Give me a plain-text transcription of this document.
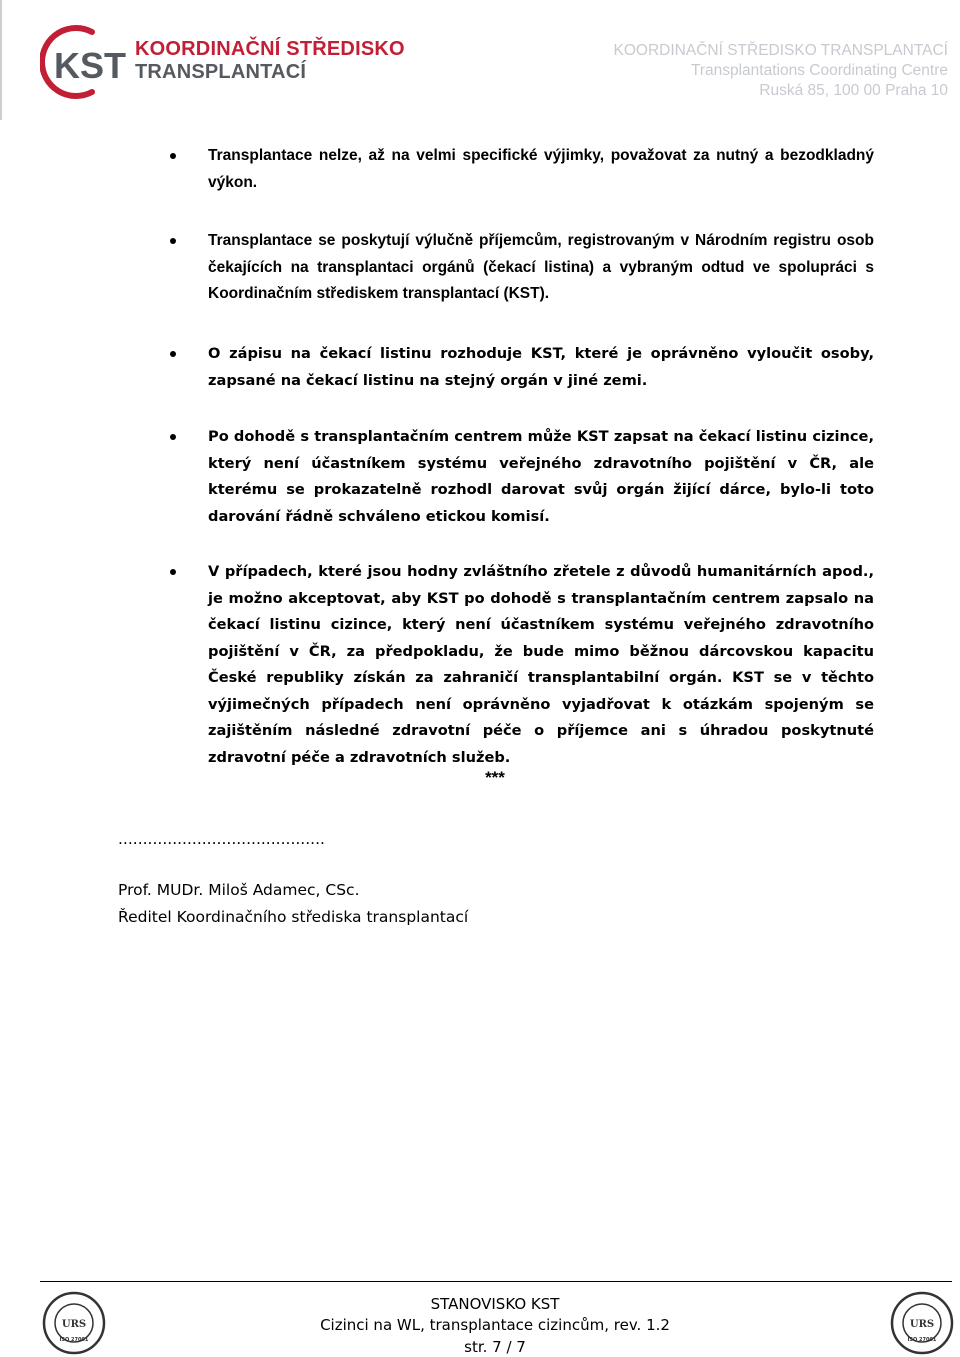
KST KOORDINAČNÍ STŘEDISKO
TRANSPLANTACÍ
KOORDINAČNÍ STŘEDISKO TRANSPLANTACÍ
Transplantations Coordinating Centre
Ruská 85, 100 00 Praha 10
Transplantace nelze, až na velmi specifické výjimky, považovat za nutný a bezodkladný výkon.
Transplantace se poskytují výlučně příjemcům, registrovaným v Národním registru osob čekajících na transplantaci orgánů (čekací listina) a vybraným odtud ve spolupráci s Koordinačním střediskem transplantací (KST).
O zápisu na čekací listinu rozhoduje KST, které je oprávněno vyloučit osoby, zapsané na čekací listinu na stejný orgán v jiné zemi.
Po dohodě s transplantačním centrem může KST zapsat na čekací listinu cizince, který není účastníkem systému veřejného zdravotního pojištění v ČR, ale kterému se prokazatelně rozhodl darovat svůj orgán žijící dárce, bylo-li toto darování řádně schváleno etickou komisí.
V případech, které jsou hodny zvláštního zřetele z důvodů humanitárních apod., je možno akceptovat, aby KST po dohodě s transplantačním centrem zapsalo na čekací listinu cizince, který není účastníkem systému veřejného zdravotního pojištění v ČR, za předpokladu, že bude mimo běžnou dárcovskou kapacitu České republiky získán za zahraničí transplantabilní orgán. KST se v těchto výjimečných případech není oprávněno vyjadřovat k otázkám spojeným se zajištěním následné zdravotní péče o příjemce ani s úhradou poskytnuté zdravotní péče a zdravotních služeb.
***
..........................................
Prof. MUDr. Miloš Adamec, CSc.
Ředitel Koordinačního střediska transplantací
URS
ISO 27001
URS
ISO 27001
STANOVISKO KST
Cizinci na WL, transplantace cizincům, rev. 1.2
str. 7 / 7
